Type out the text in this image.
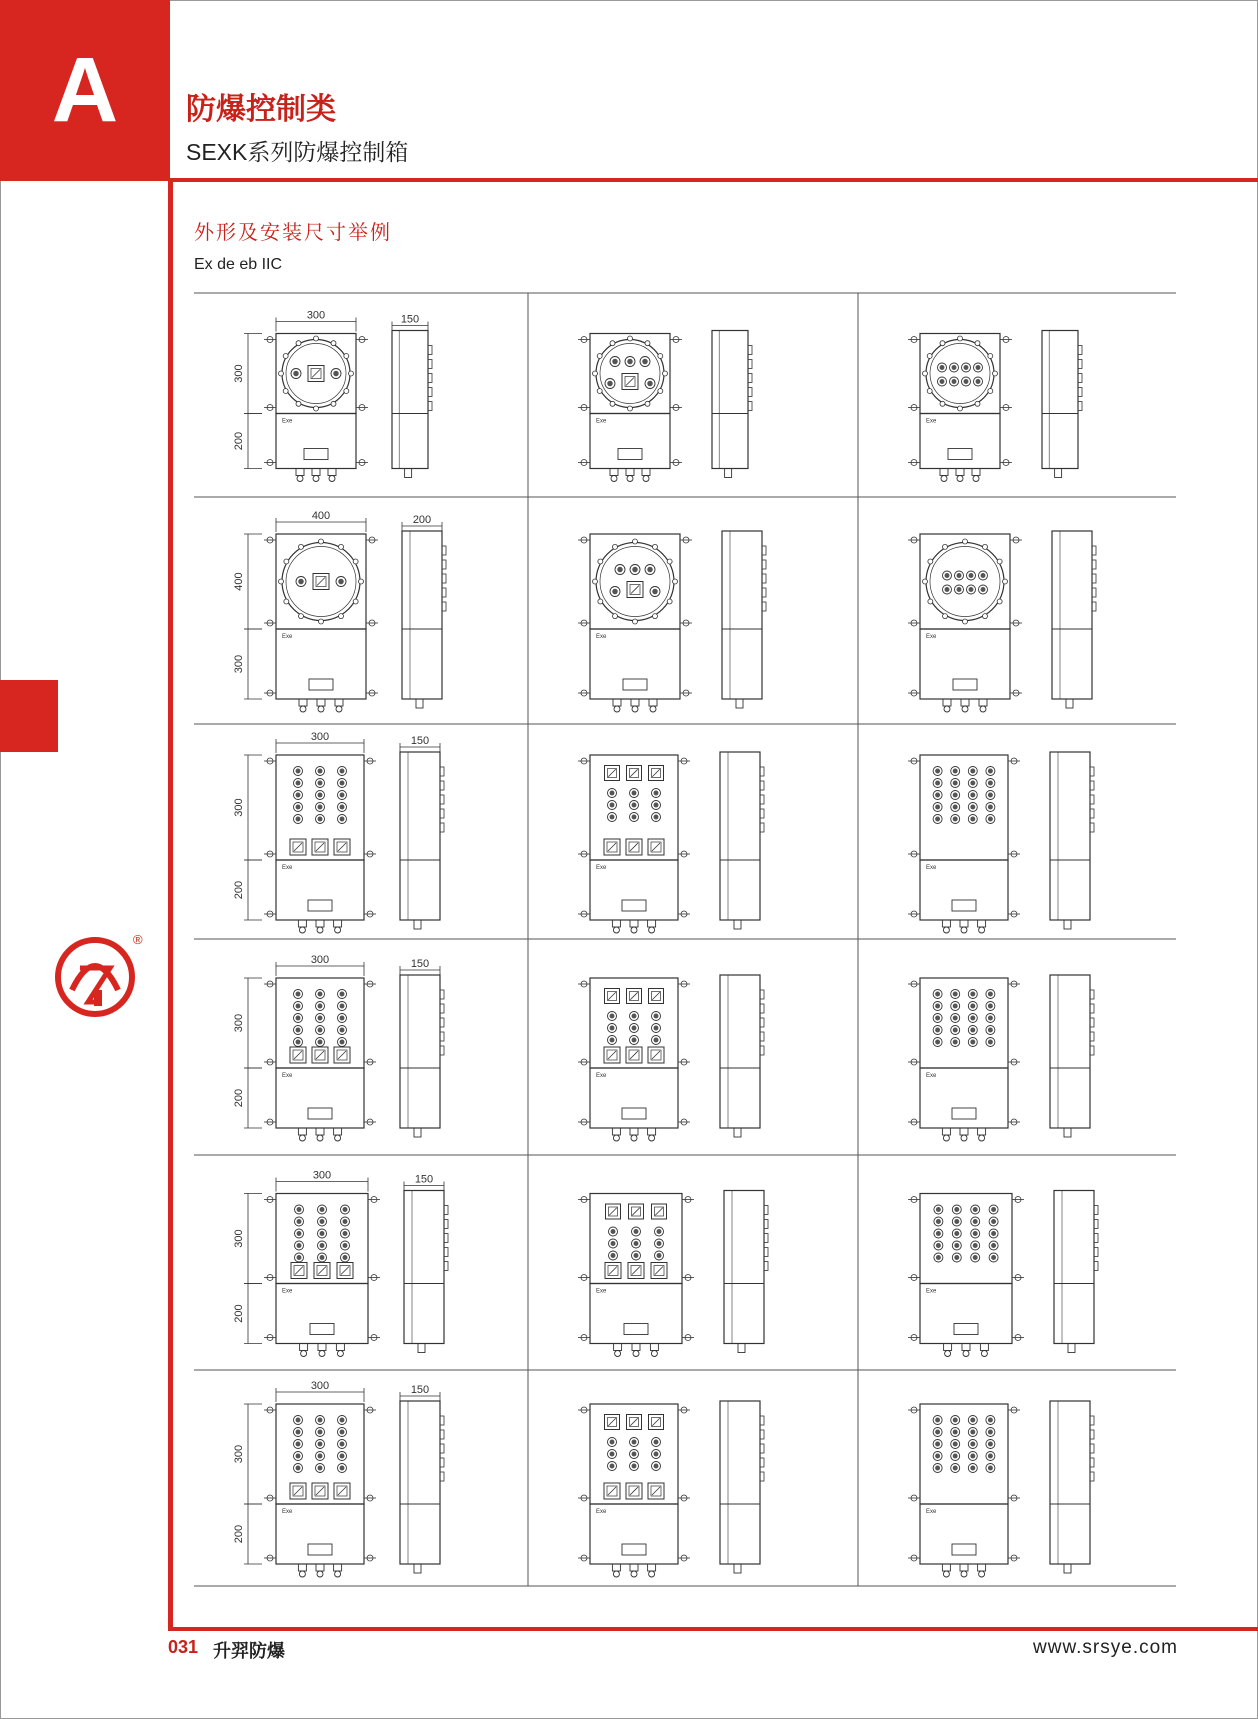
A	防爆控制类
SEXK系列防爆控制箱
外形及安装尺寸举例
Ex de eb IIC
®
Exe
300	150
300
200
Exe	Exe
Exe
400	200
400
300
Exe	Exe
Exe
300	150
300
200
Exe	Exe
Exe
300	150
300
200
Exe	Exe
Exe
300	150
300
200
Exe	Exe
Exe
300	150
300
200
Exe	Exe
031 升羿防爆	www.srsye.com
